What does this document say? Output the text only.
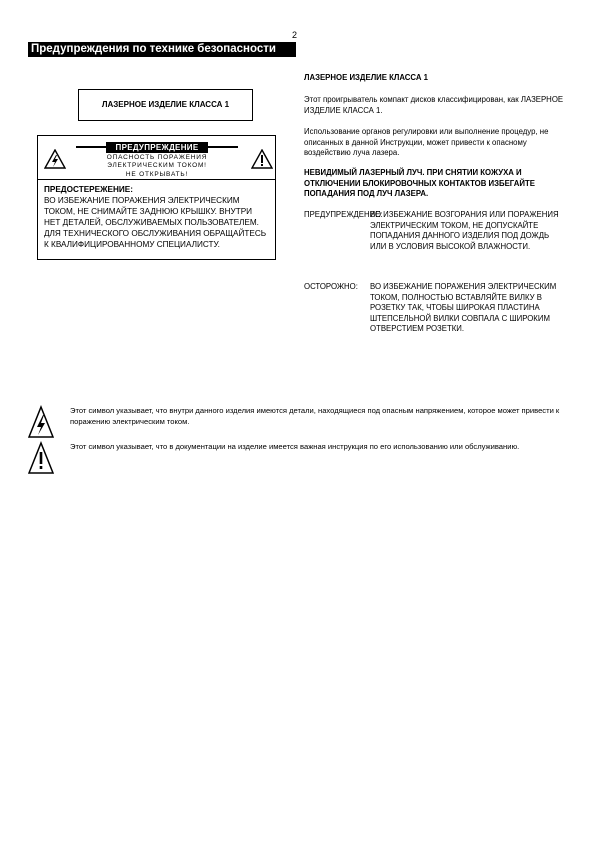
2
Предупреждения по технике безопасности
ЛАЗЕРНОЕ ИЗДЕЛИЕ КЛАССА 1
ПРЕДУПРЕЖДЕНИЕ
ОПАСНОСТЬ ПОРАЖЕНИЯ
ЭЛЕКТРИЧЕСКИМ ТОКОМ!
НЕ ОТКРЫВАТЬ!
ПРЕДОСТЕРЕЖЕНИЕ:
ВО ИЗБЕЖАНИЕ ПОРАЖЕНИЯ ЭЛЕКТРИЧЕСКИМ ТОКОМ, НЕ СНИМАЙТЕ ЗАДНЮЮ КРЫШКУ. ВНУТРИ НЕТ ДЕТАЛЕЙ, ОБСЛУЖИВАЕМЫХ ПОЛЬЗОВАТЕЛЕМ. ДЛЯ ТЕХНИЧЕСКОГО ОБСЛУЖИВАНИЯ ОБРАЩАЙТЕСЬ К КВАЛИФИЦИРОВАННОМУ СПЕЦИАЛИСТУ.
ЛАЗЕРНОЕ ИЗДЕЛИЕ КЛАССА 1
Этот проигрыватель компакт дисков классифицирован, как ЛАЗЕРНОЕ ИЗДЕЛИЕ КЛАССА 1.
Использование органов регулировки или выполнение процедур, не описанных в данной Инструкции, может привести к опасному воздействию луча лазера.
НЕВИДИМЫЙ ЛАЗЕРНЫЙ ЛУЧ. ПРИ СНЯТИИ КОЖУХА И ОТКЛЮЧЕНИИ БЛОКИРОВОЧНЫХ КОНТАКТОВ ИЗБЕГАЙТЕ ПОПАДАНИЯ ПОД ЛУЧ ЛАЗЕРА.
ПРЕДУПРЕЖДЕНИЕ:
ВО ИЗБЕЖАНИЕ ВОЗГОРАНИЯ ИЛИ ПОРАЖЕНИЯ ЭЛЕКТРИЧЕСКИМ ТОКОМ, НЕ ДОПУСКАЙТЕ ПОПАДАНИЯ ДАННОГО ИЗДЕЛИЯ ПОД ДОЖДЬ ИЛИ В УСЛОВИЯ ВЫСОКОЙ ВЛАЖНОСТИ.
ОСТОРОЖНО: ВО ИЗБЕЖАНИЕ ПОРАЖЕНИЯ ЭЛЕКТРИЧЕСКИМ ТОКОМ, ПОЛНОСТЬЮ ВСТАВЛЯЙТЕ ВИЛКУ В РОЗЕТКУ ТАК, ЧТОБЫ ШИРОКАЯ ПЛАСТИНА ШТЕПСЕЛЬНОЙ ВИЛКИ СОВПАЛА С ШИРОКИМ ОТВЕРСТИЕМ РОЗЕТКИ.
Этот символ указывает, что внутри данного изделия имеются детали, находящиеся под опасным напряжением, которое может привести к поражению электрическим током.
Этот символ указывает, что в документации на изделие имеется важная инструкция по его использованию или обслуживанию.
